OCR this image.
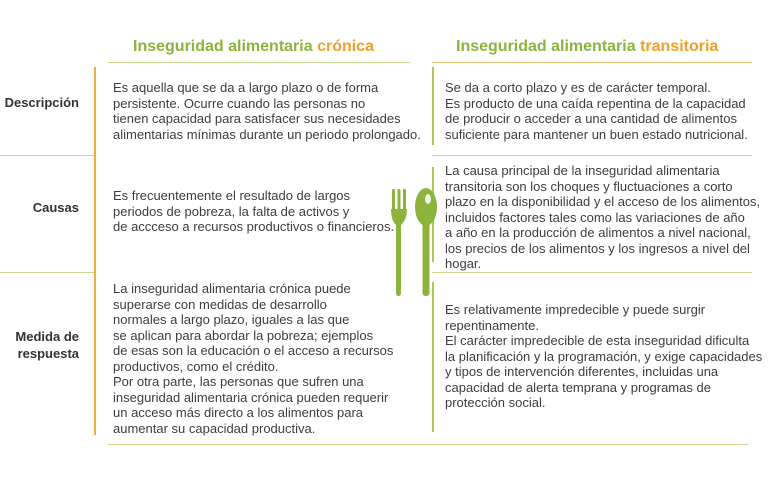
Inseguridad alimentaria crónica	Inseguridad alimentaria transitoria
Descripción
Causas
Medida de
respuesta
Es aquella que se da a largo plazo o de forma
persistente. Ocurre cuando las personas no
tienen capacidad para satisfacer sus necesidades
alimentarias mínimas durante un periodo prolongado.
Es frecuentemente el resultado de largos
periodos de pobreza, la falta de activos y
de accceso a recursos productivos o financieros.
La inseguridad alimentaria crónica puede
superarse con medidas de desarrollo
normales a largo plazo, iguales a las que
se aplican para abordar la pobreza; ejemplos
de esas son la educación o el acceso a recursos
productivos, como el crédito.
Por otra parte, las personas que sufren una
inseguridad alimentaria crónica pueden requerir
un acceso más directo a los alimentos para
aumentar su capacidad productiva.
Se da a corto plazo y es de carácter temporal.
Es producto de una caída repentina de la capacidad
de producir o acceder a una cantidad de alimentos
suficiente para mantener un buen estado nutricional.
La causa principal de la inseguridad alimentaria
transitoria son los choques y fluctuaciones a corto
plazo en la disponibilidad y el acceso de los alimentos,
incluidos factores tales como las variaciones de año
a año en la producción de alimentos a nivel nacional,
los precios de los alimentos y los ingresos a nivel del
hogar.
Es relativamente impredecible y puede surgir
repentinamente.
El carácter impredecible de esta inseguridad dificulta
la planificación y la programación, y exige capacidades
y tipos de intervención diferentes, incluidas una
capacidad de alerta temprana y programas de
protección social.
